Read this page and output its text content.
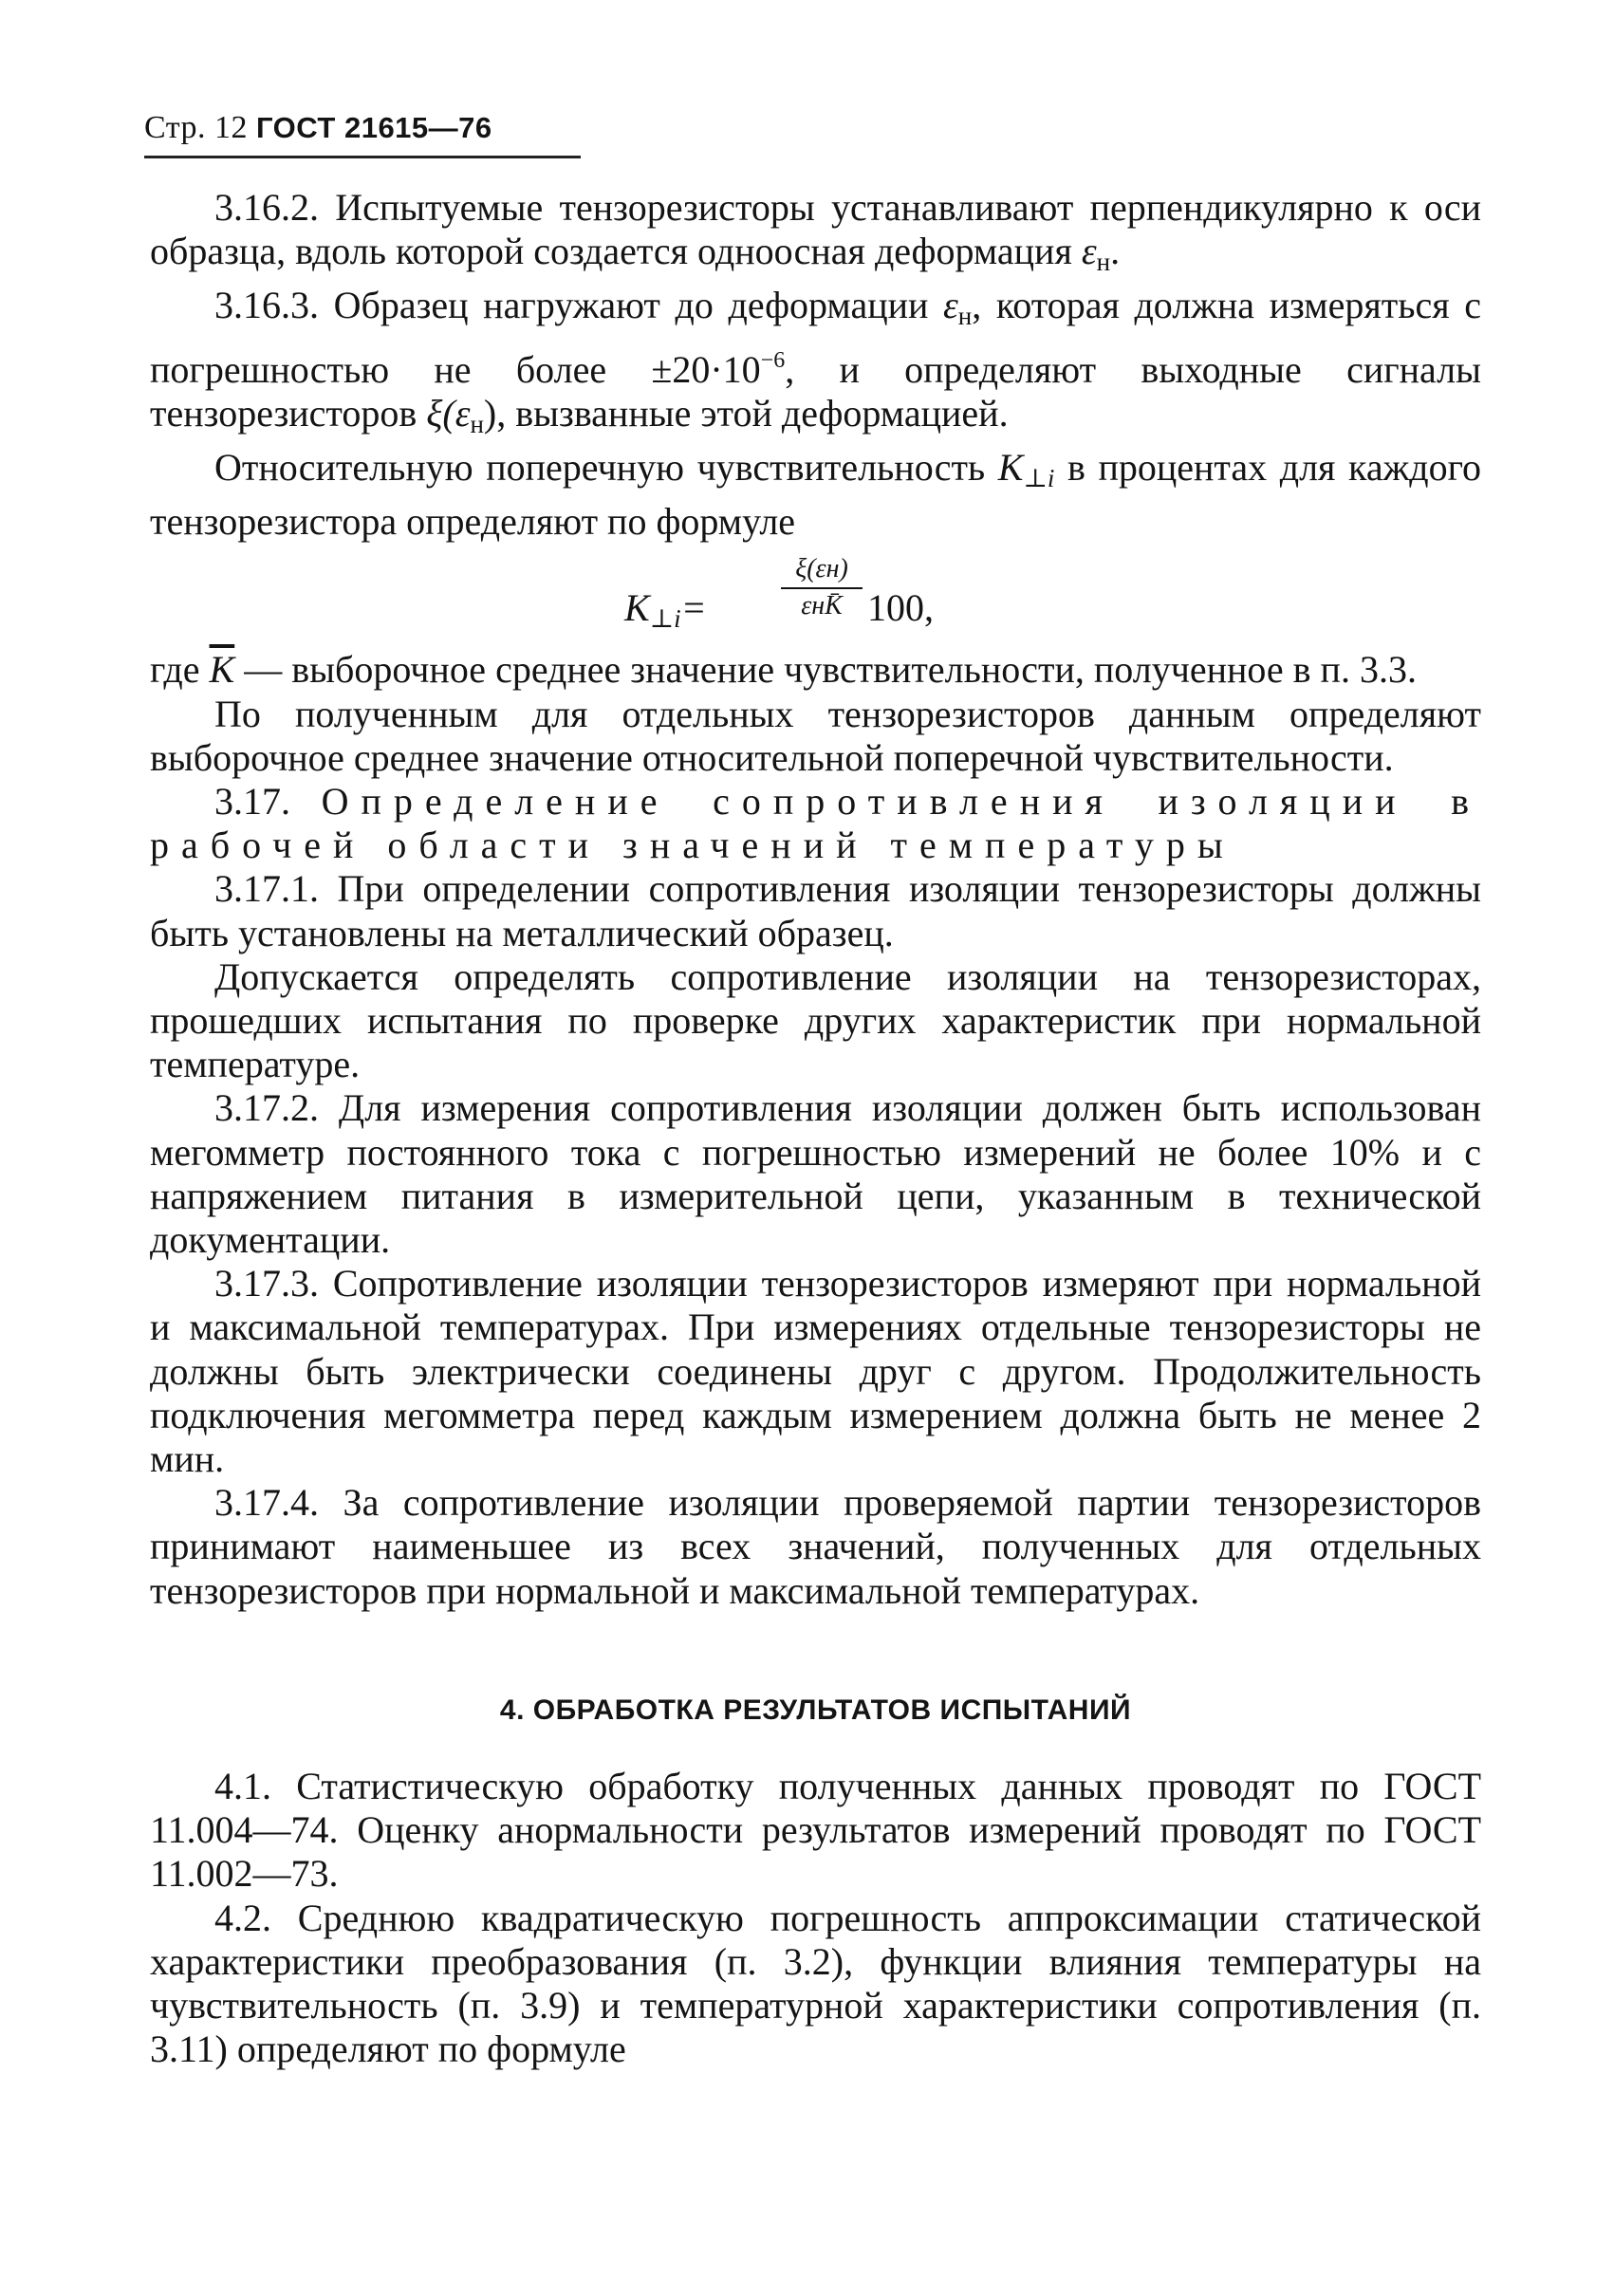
Стр. 12 ГОСТ 21615—76

3.16.2. Испытуемые тензорезисторы устанавливают перпендикулярно к оси образца, вдоль которой создается одноосная деформация $\varepsilon_н$.

3.16.3. Образец нагружают до деформации $\varepsilon_н$, которая должна измеряться с погрешностью не более $\pm 20\cdot 10^{-6}$, и определяют выходные сигналы тензорезисторов $\xi(\varepsilon_н)$, вызванные этой деформацией.

Относительную поперечную чувствительность $K_{\perp i}$ в процентах для каждого тензорезистора определяют по формуле

$K_{\perp i}=$
ξ(εн)
εнK̄ 100,

где $\overline{K}$ — выборочное среднее значение чувствительности, полученное в п. 3.3.

По полученным для отдельных тензорезисторов данным определяют выборочное среднее значение относительной поперечной чувствительности.

3.17. Определение сопротивления изоляции в рабочей области значений температуры

3.17.1. При определении сопротивления изоляции тензорезисторы должны быть установлены на металлический образец.

Допускается определять сопротивление изоляции на тензорезисторах, прошедших испытания по проверке других характеристик при нормальной температуре.

3.17.2. Для измерения сопротивления изоляции должен быть использован мегомметр постоянного тока с погрешностью измерений не более 10% и с напряжением питания в измерительной цепи, указанным в технической документации.

3.17.3. Сопротивление изоляции тензорезисторов измеряют при нормальной и максимальной температурах. При измерениях отдельные тензорезисторы не должны быть электрически соединены друг с другом. Продолжительность подключения мегомметра перед каждым измерением должна быть не менее 2 мин.

3.17.4. За сопротивление изоляции проверяемой партии тензорезисторов принимают наименьшее из всех значений, полученных для отдельных тензорезисторов при нормальной и максимальной температурах.

4. ОБРАБОТКА РЕЗУЛЬТАТОВ ИСПЫТАНИЙ

4.1. Статистическую обработку полученных данных проводят по ГОСТ 11.004—74. Оценку анормальности результатов измерений проводят по ГОСТ 11.002—73.

4.2. Среднюю квадратическую погрешность аппроксимации статической характеристики преобразования (п. 3.2), функции влияния температуры на чувствительность (п. 3.9) и температурной характеристики сопротивления (п. 3.11) определяют по формуле
